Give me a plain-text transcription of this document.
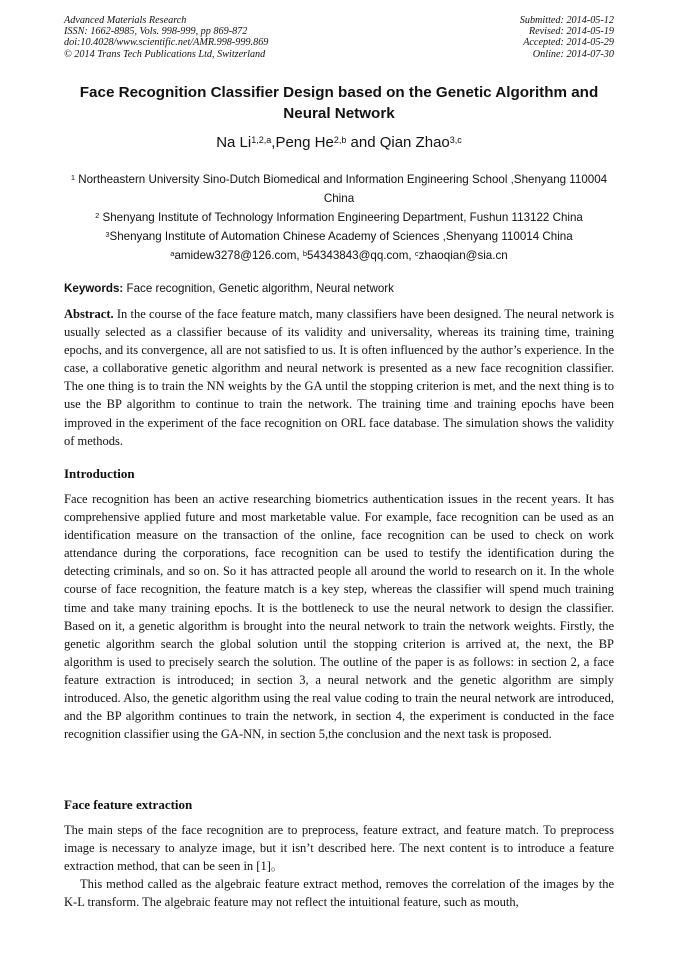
Advanced Materials Research
ISSN: 1662-8985, Vols. 998-999, pp 869-872
doi:10.4028/www.scientific.net/AMR.998-999.869
© 2014 Trans Tech Publications Ltd, Switzerland
Submitted: 2014-05-12
Revised: 2014-05-19
Accepted: 2014-05-29
Online: 2014-07-30
Face Recognition Classifier Design based on the Genetic Algorithm and Neural Network
Na Li$^{1,2,a}$,Peng He$^{2,b}$ and Qian Zhao$^{3,c}$
$^1$ Northeastern University Sino-Dutch Biomedical and Information Engineering School ,Shenyang 110004 China
$^2$ Shenyang Institute of Technology Information Engineering Department, Fushun 113122 China
$^3$Shenyang Institute of Automation Chinese Academy of Sciences ,Shenyang 110014 China
$^a$amidew3278@126.com, $^b$54343843@qq.com, $^c$zhaoqian@sia.cn
Keywords: Face recognition, Genetic algorithm, Neural network
Abstract. In the course of the face feature match, many classifiers have been designed. The neural network is usually selected as a classifier because of its validity and universality, whereas its training time, training epochs, and its convergence, all are not satisfied to us. It is often influenced by the author’s experience. In the case, a collaborative genetic algorithm and neural network is presented as a new face recognition classifier. The one thing is to train the NN weights by the GA until the stopping criterion is met, and the next thing is to use the BP algorithm to continue to train the network. The training time and training epochs have been improved in the experiment of the face recognition on ORL face database. The simulation shows the validity of methods.
Introduction
Face recognition has been an active researching biometrics authentication issues in the recent years. It has comprehensive applied future and most marketable value. For example, face recognition can be used as an identification measure on the transaction of the online, face recognition can be used to check on work attendance during the corporations, face recognition can be used to testify the identification during the detecting criminals, and so on. So it has attracted people all around the world to research on it. In the whole course of face recognition, the feature match is a key step, whereas the classifier will spend much training time and take many training epochs. It is the bottleneck to use the neural network to design the classifier. Based on it, a genetic algorithm is brought into the neural network to train the network weights. Firstly, the genetic algorithm search the global solution until the stopping criterion is arrived at, the next, the BP algorithm is used to precisely search the solution. The outline of the paper is as follows: in section 2, a face feature extraction is introduced; in section 3, a neural network and the genetic algorithm are simply introduced. Also, the genetic algorithm using the real value coding to train the neural network are introduced, and the BP algorithm continues to train the network, in section 4, the experiment is conducted in the face recognition classifier using the GA-NN, in section 5,the conclusion and the next task is proposed.
Face feature extraction

The main steps of the face recognition are to preprocess, feature extract, and feature match. To preprocess image is necessary to analyze image, but it isn’t described here. The next content is to introduce a feature extraction method, that can be seen in [1]。

This method called as the algebraic feature extract method, removes the correlation of the images by the K-L transform. The algebraic feature may not reflect the intuitional feature, such as mouth,
